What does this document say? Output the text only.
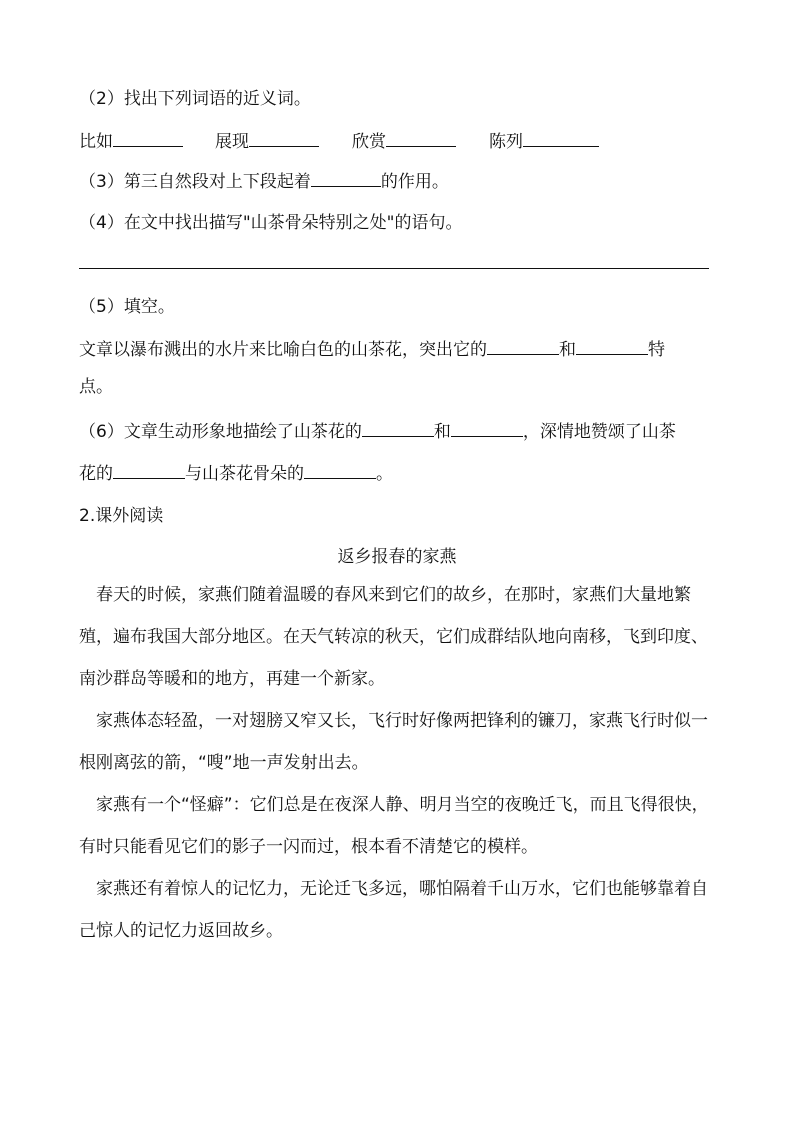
（2）找出下列词语的近义词。
比如	展现	欣赏	陈列
（3）第三自然段对上下段起着	的作用。
（4）在文中找出描写"山茶骨朵特别之处"的语句。
（5）填空。
文章以瀑布溅出的水片来比喻白色的山茶花，突出它的	和	特
点。
（6）文章生动形象地描绘了山茶花的	和	，深情地赞颂了山茶
花的	与山茶花骨朵的	。
2.课外阅读
返乡报春的家燕
春天的时候，家燕们随着温暖的春风来到它们的故乡，在那时，家燕们大量地繁殖，遍布我国大部分地区。在天气转凉的秋天，它们成群结队地向南移，飞到印度、南沙群岛等暖和的地方，再建一个新家。
家燕体态轻盈，一对翅膀又窄又长，飞行时好像两把锋利的镰刀，家燕飞行时似一根刚离弦的箭，“嗖”地一声发射出去。
家燕有一个“怪癖”：它们总是在夜深人静、明月当空的夜晚迁飞，而且飞得很快，有时只能看见它们的影子一闪而过，根本看不清楚它的模样。
家燕还有着惊人的记忆力，无论迁飞多远，哪怕隔着千山万水，它们也能够靠着自己惊人的记忆力返回故乡。
